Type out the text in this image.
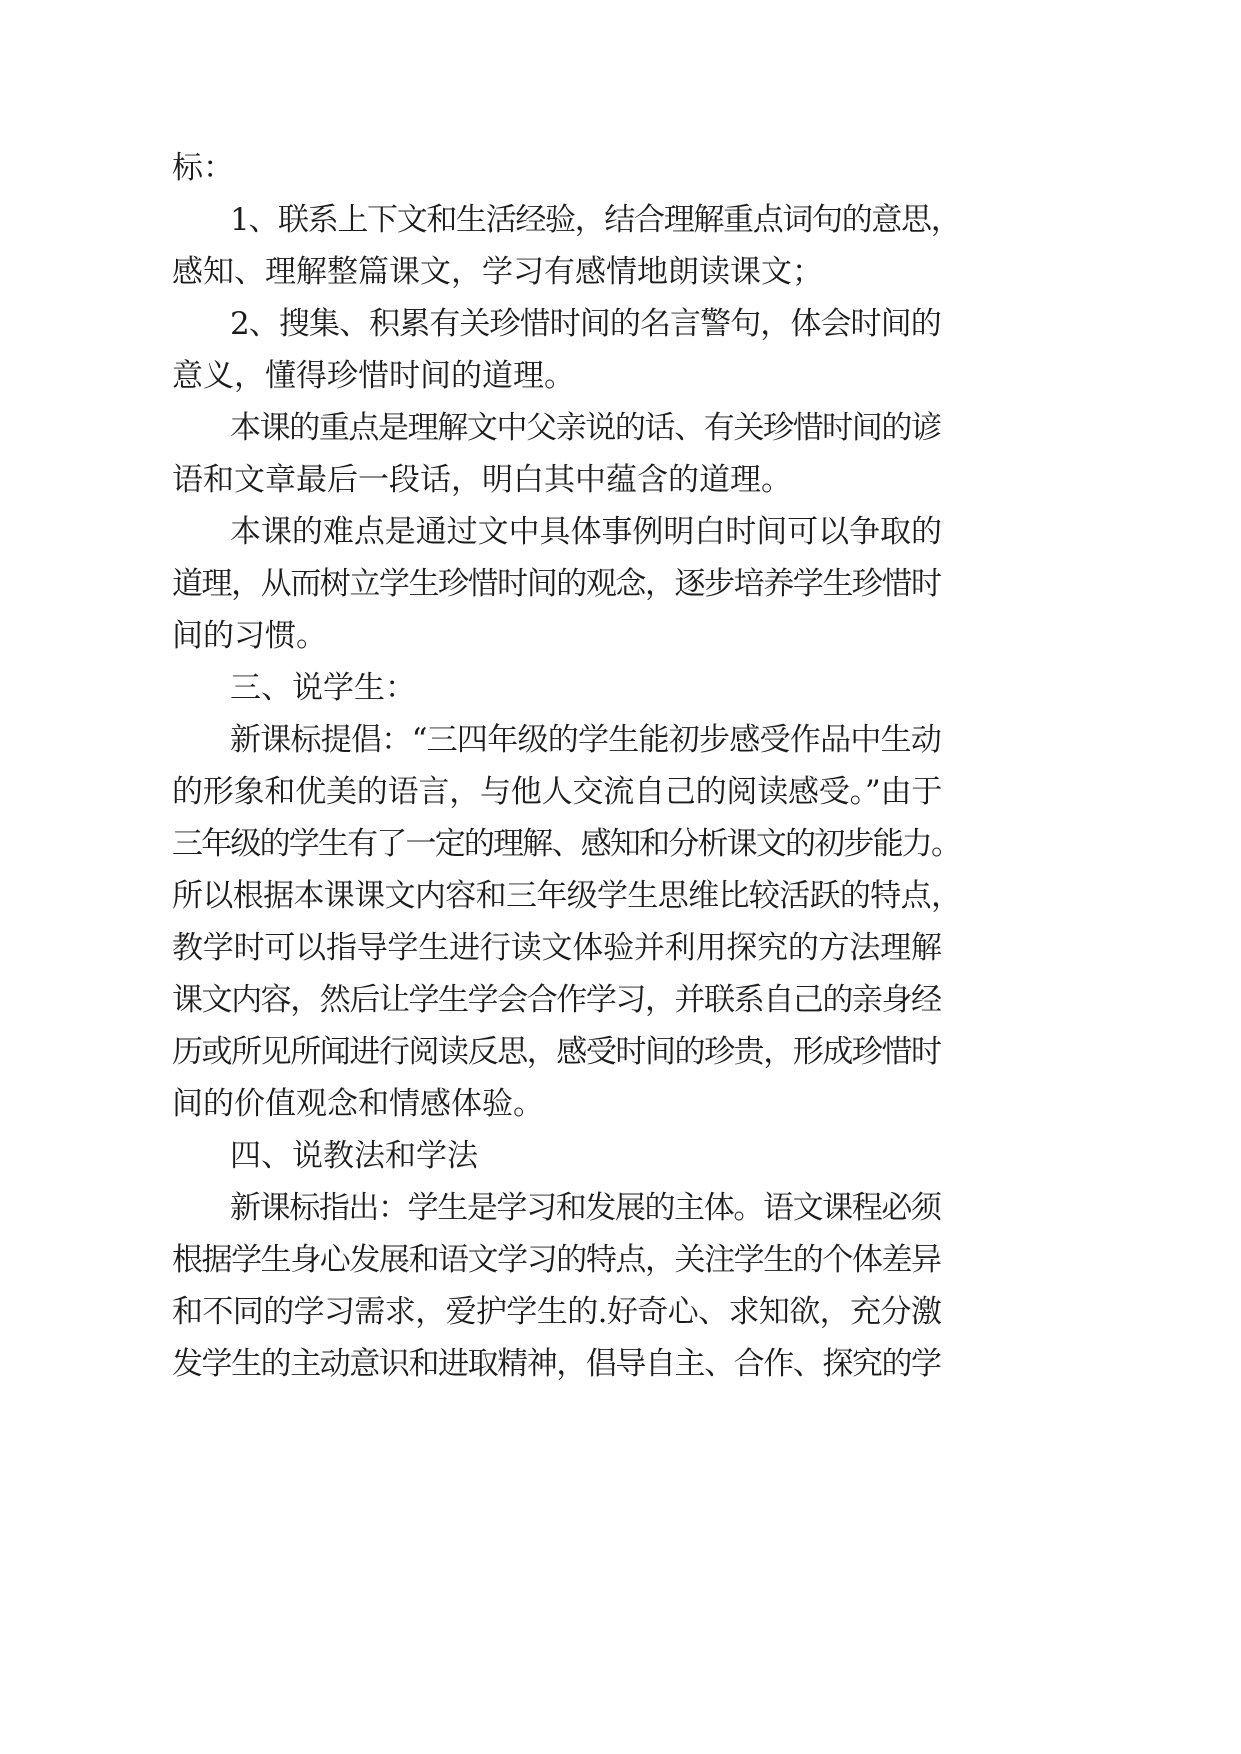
标：
1、联系上下文和生活经验，结合理解重点词句的意思，
感知、理解整篇课文，学习有感情地朗读课文；
2、搜集、积累有关珍惜时间的名言警句，体会时间的
意义，懂得珍惜时间的道理。
本课的重点是理解文中父亲说的话、有关珍惜时间的谚
语和文章最后一段话，明白其中蕴含的道理。
本课的难点是通过文中具体事例明白时间可以争取的
道理，从而树立学生珍惜时间的观念，逐步培养学生珍惜时
间的习惯。
三、说学生：
新课标提倡：“三四年级的学生能初步感受作品中生动
的形象和优美的语言，与他人交流自己的阅读感受。”由于
三年级的学生有了一定的理解、感知和分析课文的初步能力。
所以根据本课课文内容和三年级学生思维比较活跃的特点，
教学时可以指导学生进行读文体验并利用探究的方法理解
课文内容，然后让学生学会合作学习，并联系自己的亲身经
历或所见所闻进行阅读反思，感受时间的珍贵，形成珍惜时
间的价值观念和情感体验。
四、说教法和学法
新课标指出：学生是学习和发展的主体。语文课程必须
根据学生身心发展和语文学习的特点，关注学生的个体差异
和不同的学习需求，爱护学生的.好奇心、求知欲，充分激
发学生的主动意识和进取精神，倡导自主、合作、探究的学
